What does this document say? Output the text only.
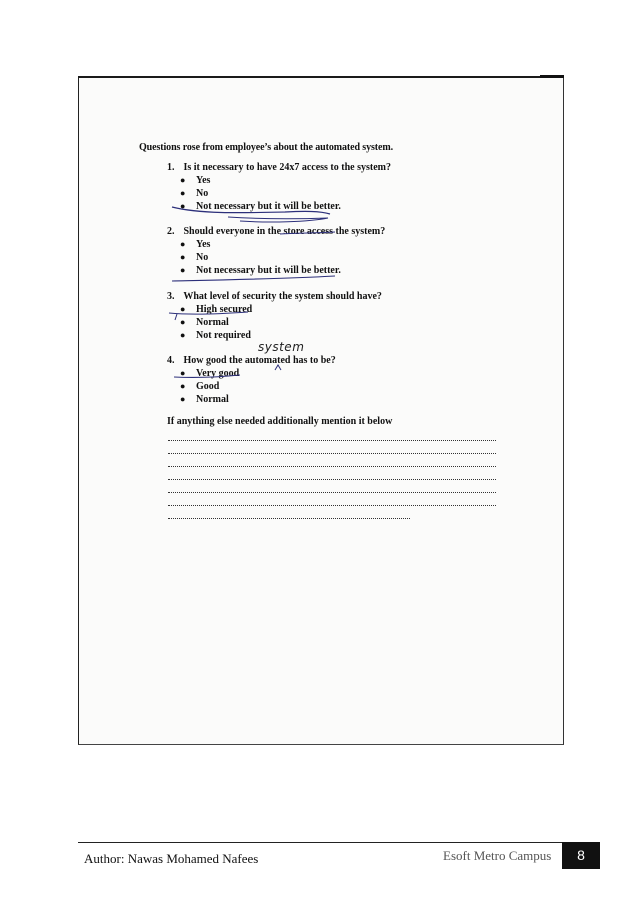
Questions rose from employee’s about the automated system.
1. Is it necessary to have 24x7 access to the system?
● Yes
● No
● Not necessary but it will be better.
2. Should everyone in the store access the system?
● Yes
● No
● Not necessary but it will be better.
3. What level of security the system should have?
● High secured
● Normal
● Not required
system
4. How good the automated has to be?
● Very good
● Good
● Normal
If anything else needed additionally mention it below
Author: Nawas Mohamed Nafees	Esoft Metro Campus	8
